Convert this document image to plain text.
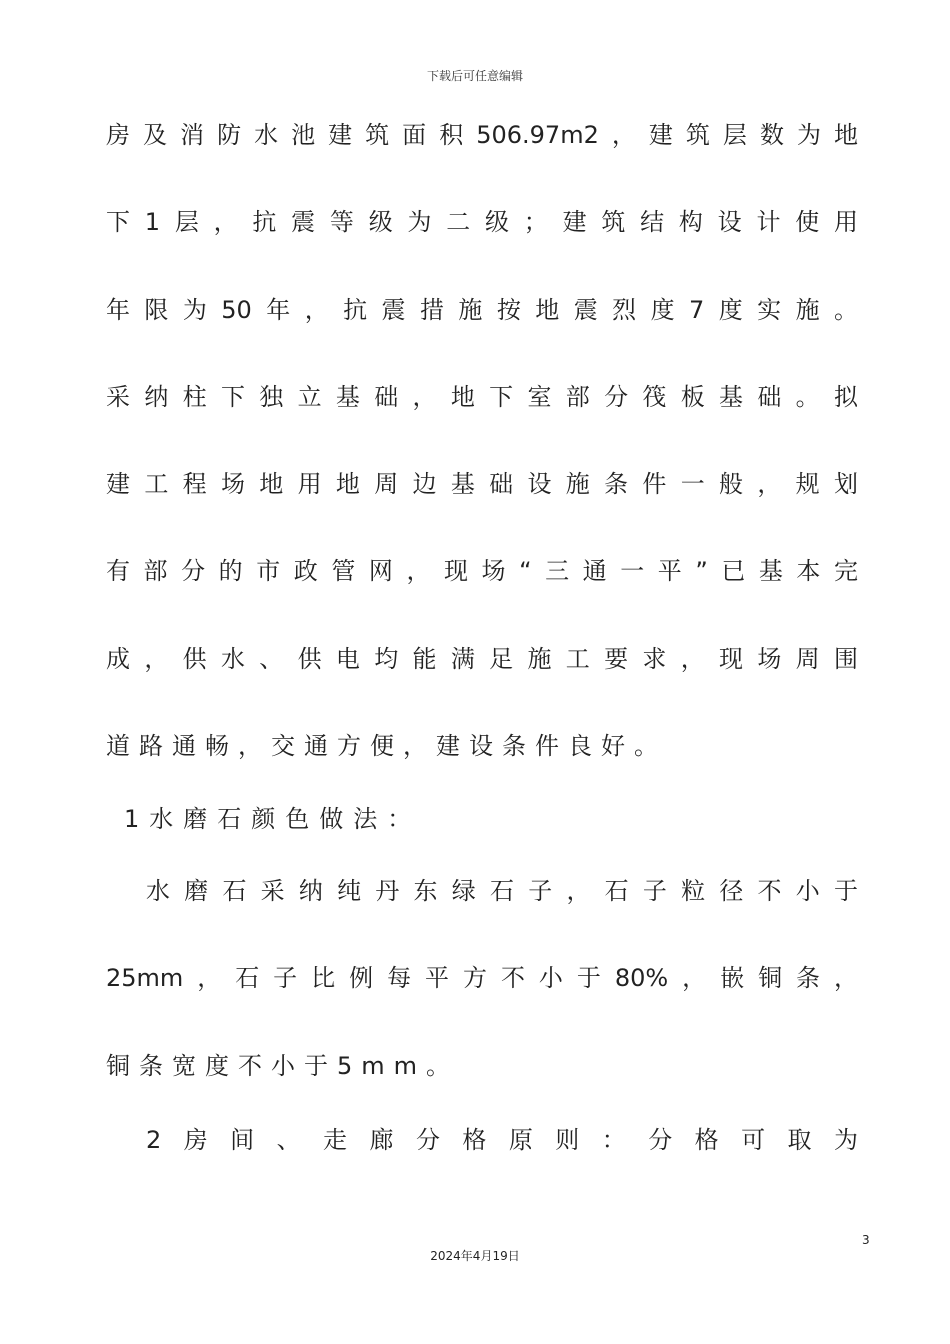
下载后可任意编辑
房及消防水池建筑面积506.97m2，建筑层数为地
下1层，抗震等级为二级；建筑结构设计使用
年限为50年，抗震措施按地震烈度7度实施。
采纳柱下独立基础，地下室部分筏板基础。拟
建工程场地用地周边基础设施条件一般，规划
有部分的市政管网，现场“三通一平”已基本完
成，供水、供电均能满足施工要求，现场周围
道路通畅，交通方便，建设条件良好。
1水磨石颜色做法：
水磨石采纳纯丹东绿石子，石子粒径不小于
25mm，石子比例每平方不小于80%，嵌铜条，
铜条宽度不小于5mm。
2房间、走廊分格原则：分格可取为
3
2024年4月19日
